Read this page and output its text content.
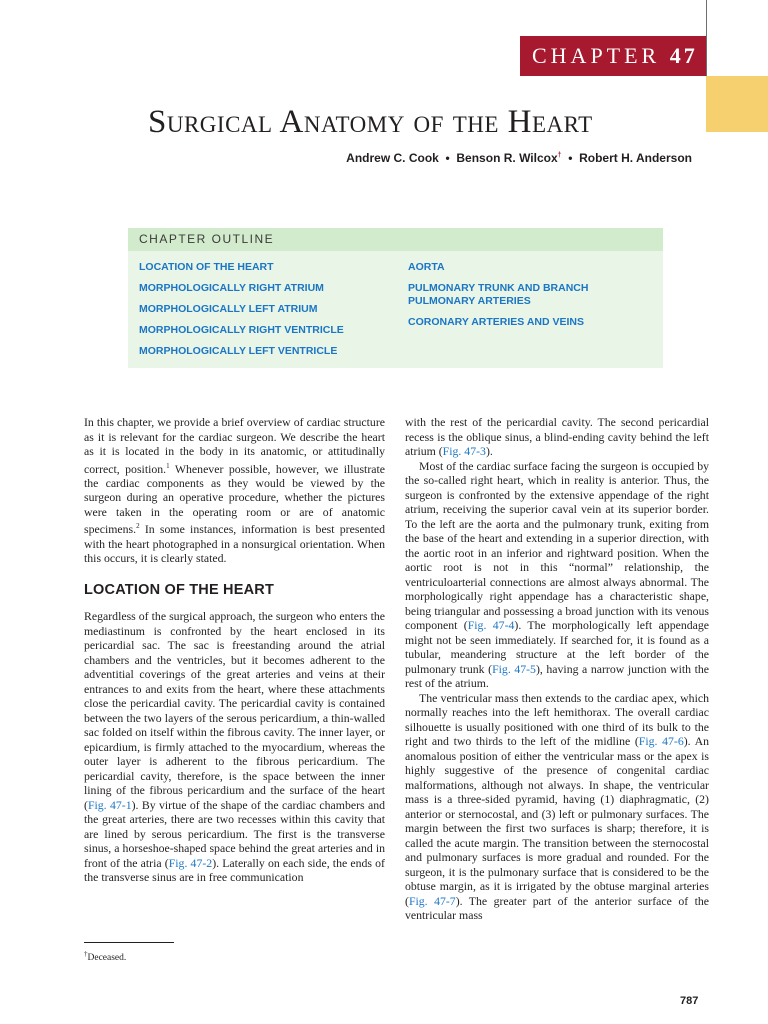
CHAPTER 47
Surgical Anatomy of the Heart
Andrew C. Cook  •  Benson R. Wilcox†  •  Robert H. Anderson
CHAPTER OUTLINE
LOCATION OF THE HEART
MORPHOLOGICALLY RIGHT ATRIUM
MORPHOLOGICALLY LEFT ATRIUM
MORPHOLOGICALLY RIGHT VENTRICLE
MORPHOLOGICALLY LEFT VENTRICLE
AORTA
PULMONARY TRUNK AND BRANCH PULMONARY ARTERIES
CORONARY ARTERIES AND VEINS

In this chapter, we provide a brief overview of cardiac structure as it is relevant for the cardiac surgeon. We describe the heart as it is located in the body in its anatomic, or attitudinally correct, position.$^1$ Whenever possible, however, we illustrate the cardiac components as they would be viewed by the surgeon during an operative procedure, whether the pictures were taken in the operating room or are of anatomic specimens.$^2$ In some instances, information is best presented with the heart photographed in a nonsurgical orientation. When this occurs, it is clearly stated.

LOCATION OF THE HEART

Regardless of the surgical approach, the surgeon who enters the mediastinum is confronted by the heart enclosed in its pericardial sac. The sac is freestanding around the atrial chambers and the ventricles, but it becomes adherent to the adventitial coverings of the great arteries and veins at their entrances to and exits from the heart, where these attachments close the pericardial cavity. The pericardial cavity is contained between the two layers of the serous pericardium, a thin-walled sac folded on itself within the fibrous cavity. The inner layer, or epicardium, is firmly attached to the myocardium, whereas the outer layer is adherent to the fibrous pericardium. The pericardial cavity, therefore, is the space between the inner lining of the fibrous pericardium and the surface of the heart (Fig. 47-1). By virtue of the shape of the cardiac chambers and the great arteries, there are two recesses within this cavity that are lined by serous pericardium. The first is the transverse sinus, a horseshoe-shaped space behind the great arteries and in front of the atria (Fig. 47-2). Laterally on each side, the ends of the transverse sinus are in free communication

with the rest of the pericardial cavity. The second pericardial recess is the oblique sinus, a blind-ending cavity behind the left atrium (Fig. 47-3).

Most of the cardiac surface facing the surgeon is occupied by the so-called right heart, which in reality is anterior. Thus, the surgeon is confronted by the extensive appendage of the right atrium, receiving the superior caval vein at its superior border. To the left are the aorta and the pulmonary trunk, exiting from the base of the heart and extending in a superior direction, with the aortic root in an inferior and rightward position. When the aortic root is not in this “normal” relationship, the ventriculoarterial connections are almost always abnormal. The morphologically right appendage has a characteristic shape, being triangular and possessing a broad junction with its venous component (Fig. 47-4). The morphologically left appendage might not be seen immediately. If searched for, it is found as a tubular, meandering structure at the left border of the pulmonary trunk (Fig. 47-5), having a narrow junction with the rest of the atrium.

The ventricular mass then extends to the cardiac apex, which normally reaches into the left hemithorax. The overall cardiac silhouette is usually positioned with one third of its bulk to the right and two thirds to the left of the midline (Fig. 47-6). An anomalous position of either the ventricular mass or the apex is highly suggestive of the presence of congenital cardiac malformations, although not always. In shape, the ventricular mass is a three-sided pyramid, having (1) diaphragmatic, (2) anterior or sternocostal, and (3) left or pulmonary surfaces. The margin between the first two surfaces is sharp; therefore, it is called the acute margin. The transition between the sternocostal and pulmonary surfaces is more gradual and rounded. For the surgeon, it is the pulmonary surface that is considered to be the obtuse margin, as it is irrigated by the obtuse marginal arteries (Fig. 47-7). The greater part of the anterior surface of the ventricular mass

†Deceased.
787
